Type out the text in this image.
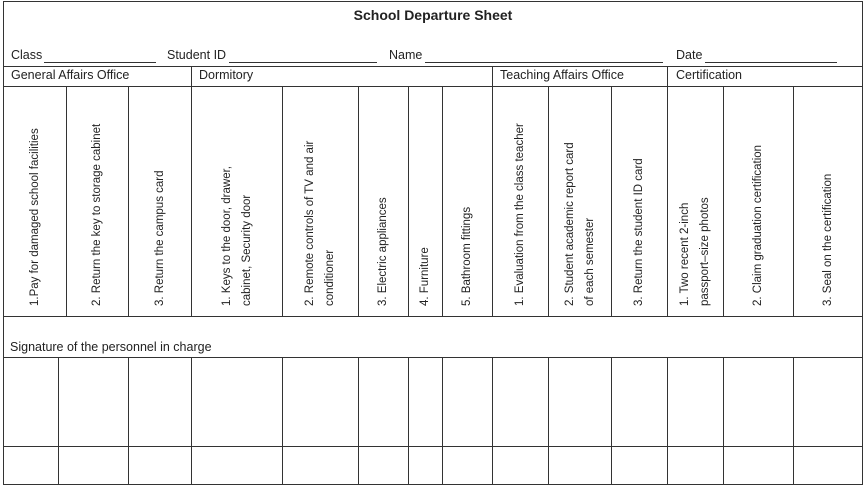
School Departure Sheet
Class	Student ID	Name	Date
General Affairs Office	Dormitory	Teaching Affairs Office	Certification
1.Pay for damaged school facilities	2. Return the key to storage cabinet	3. Return the campus card	1. Keys to the door, drawer, cabinet, Security door	2. Remote controls of TV and air conditioner	3. Electric appliances	4. Furniture	5. Bathroom fittings	1. Evaluation from the class teacher	2. Student academic report card of each semester	3. Return the student ID card	1. Two recent 2-inch passport–size photos	2. Claim graduation certification	3. Seal on the certification
Signature of the personnel in charge
